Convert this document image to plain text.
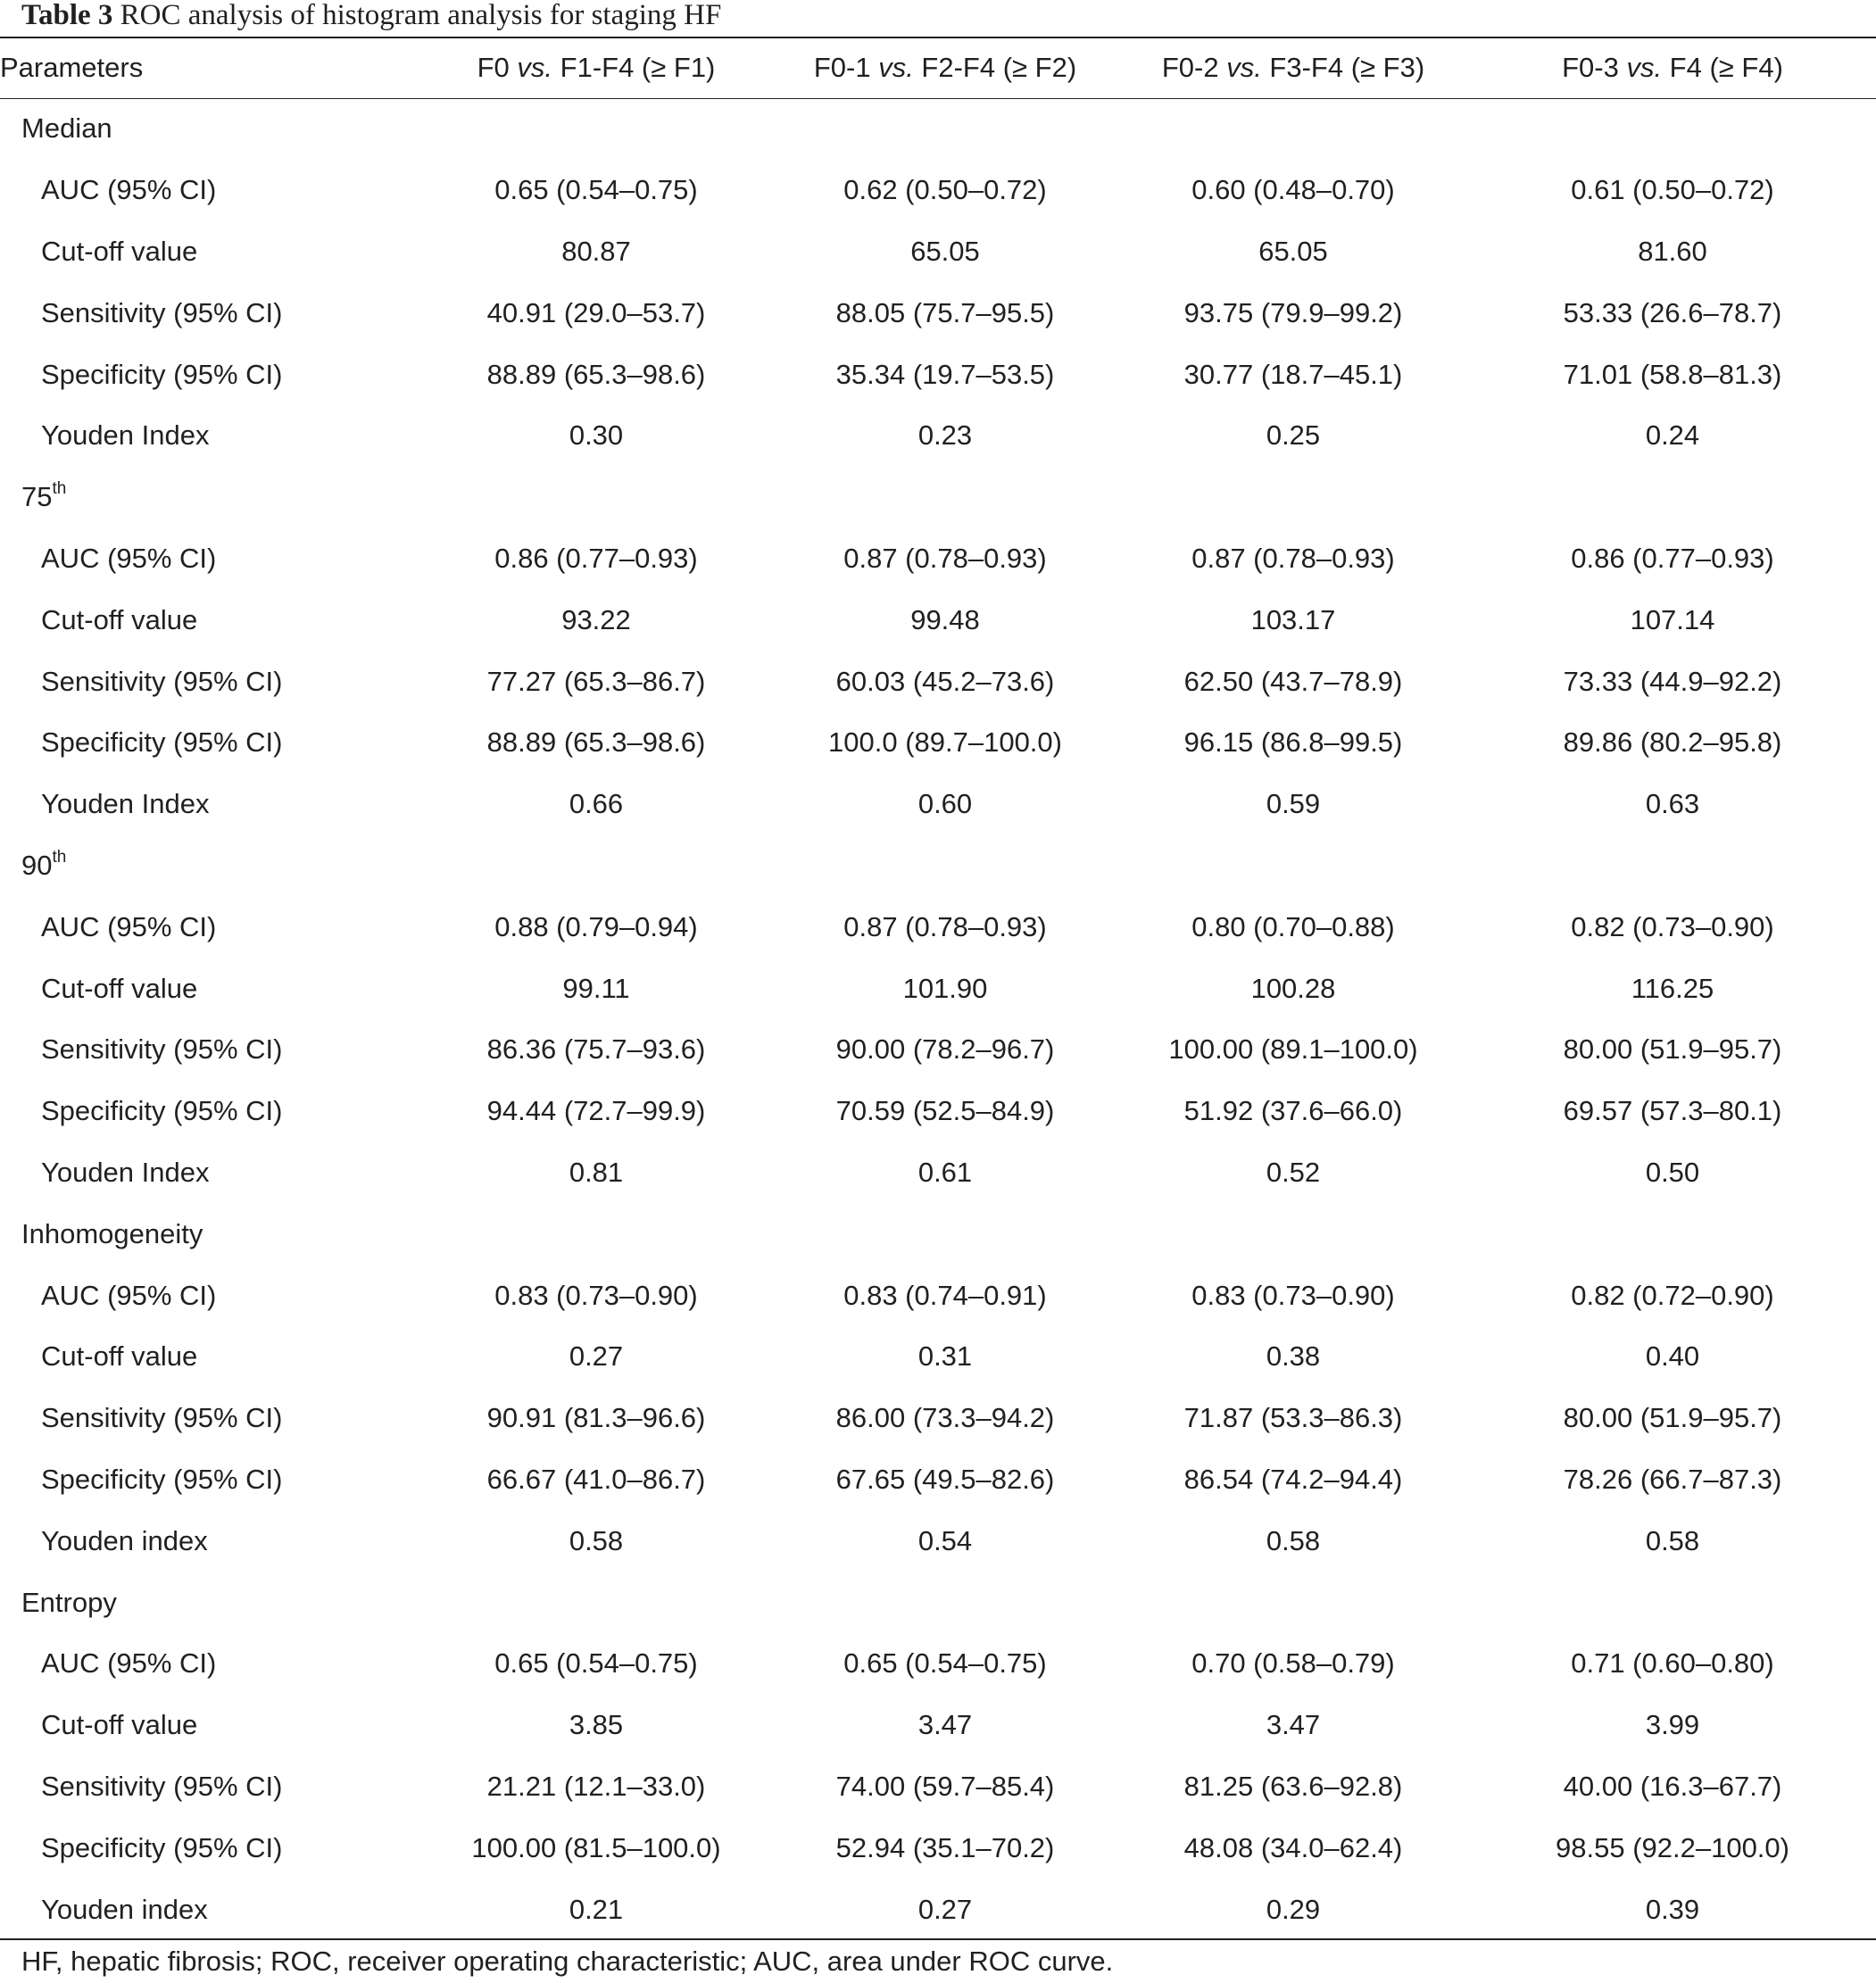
Table 3 ROC analysis of histogram analysis for staging HF
Parameters	F0 vs. F1-F4 (≥ F1)	F0-1 vs. F2-F4 (≥ F2)	F0-2 vs. F3-F4 (≥ F3)	F0-3 vs. F4 (≥ F4)
Median				
AUC (95% CI)	0.65 (0.54–0.75)	0.62 (0.50–0.72)	0.60 (0.48–0.70)	0.61 (0.50–0.72)
Cut-off value	80.87	65.05	65.05	81.60
Sensitivity (95% CI)	40.91 (29.0–53.7)	88.05 (75.7–95.5)	93.75 (79.9–99.2)	53.33 (26.6–78.7)
Specificity (95% CI)	88.89 (65.3–98.6)	35.34 (19.7–53.5)	30.77 (18.7–45.1)	71.01 (58.8–81.3)
Youden Index	0.30	0.23	0.25	0.24
75th
AUC (95% CI)	0.86 (0.77–0.93)	0.87 (0.78–0.93)	0.87 (0.78–0.93)	0.86 (0.77–0.93)
Cut-off value	93.22	99.48	103.17	107.14
Sensitivity (95% CI)	77.27 (65.3–86.7)	60.03 (45.2–73.6)	62.50 (43.7–78.9)	73.33 (44.9–92.2)
Specificity (95% CI)	88.89 (65.3–98.6)	100.0 (89.7–100.0)	96.15 (86.8–99.5)	89.86 (80.2–95.8)
Youden Index	0.66	0.60	0.59	0.63
90th
AUC (95% CI)	0.88 (0.79–0.94)	0.87 (0.78–0.93)	0.80 (0.70–0.88)	0.82 (0.73–0.90)
Cut-off value	99.11	101.90	100.28	116.25
Sensitivity (95% CI)	86.36 (75.7–93.6)	90.00 (78.2–96.7)	100.00 (89.1–100.0)	80.00 (51.9–95.7)
Specificity (95% CI)	94.44 (72.7–99.9)	70.59 (52.5–84.9)	51.92 (37.6–66.0)	69.57 (57.3–80.1)
Youden Index	0.81	0.61	0.52	0.50
Inhomogeneity				
AUC (95% CI)	0.83 (0.73–0.90)	0.83 (0.74–0.91)	0.83 (0.73–0.90)	0.82 (0.72–0.90)
Cut-off value	0.27	0.31	0.38	0.40
Sensitivity (95% CI)	90.91 (81.3–96.6)	86.00 (73.3–94.2)	71.87 (53.3–86.3)	80.00 (51.9–95.7)
Specificity (95% CI)	66.67 (41.0–86.7)	67.65 (49.5–82.6)	86.54 (74.2–94.4)	78.26 (66.7–87.3)
Youden index	0.58	0.54	0.58	0.58
Entropy				
AUC (95% CI)	0.65 (0.54–0.75)	0.65 (0.54–0.75)	0.70 (0.58–0.79)	0.71 (0.60–0.80)
Cut-off value	3.85	3.47	3.47	3.99
Sensitivity (95% CI)	21.21 (12.1–33.0)	74.00 (59.7–85.4)	81.25 (63.6–92.8)	40.00 (16.3–67.7)
Specificity (95% CI)	100.00 (81.5–100.0)	52.94 (35.1–70.2)	48.08 (34.0–62.4)	98.55 (92.2–100.0)
Youden index	0.21	0.27	0.29	0.39
HF, hepatic fibrosis; ROC, receiver operating characteristic; AUC, area under ROC curve.
